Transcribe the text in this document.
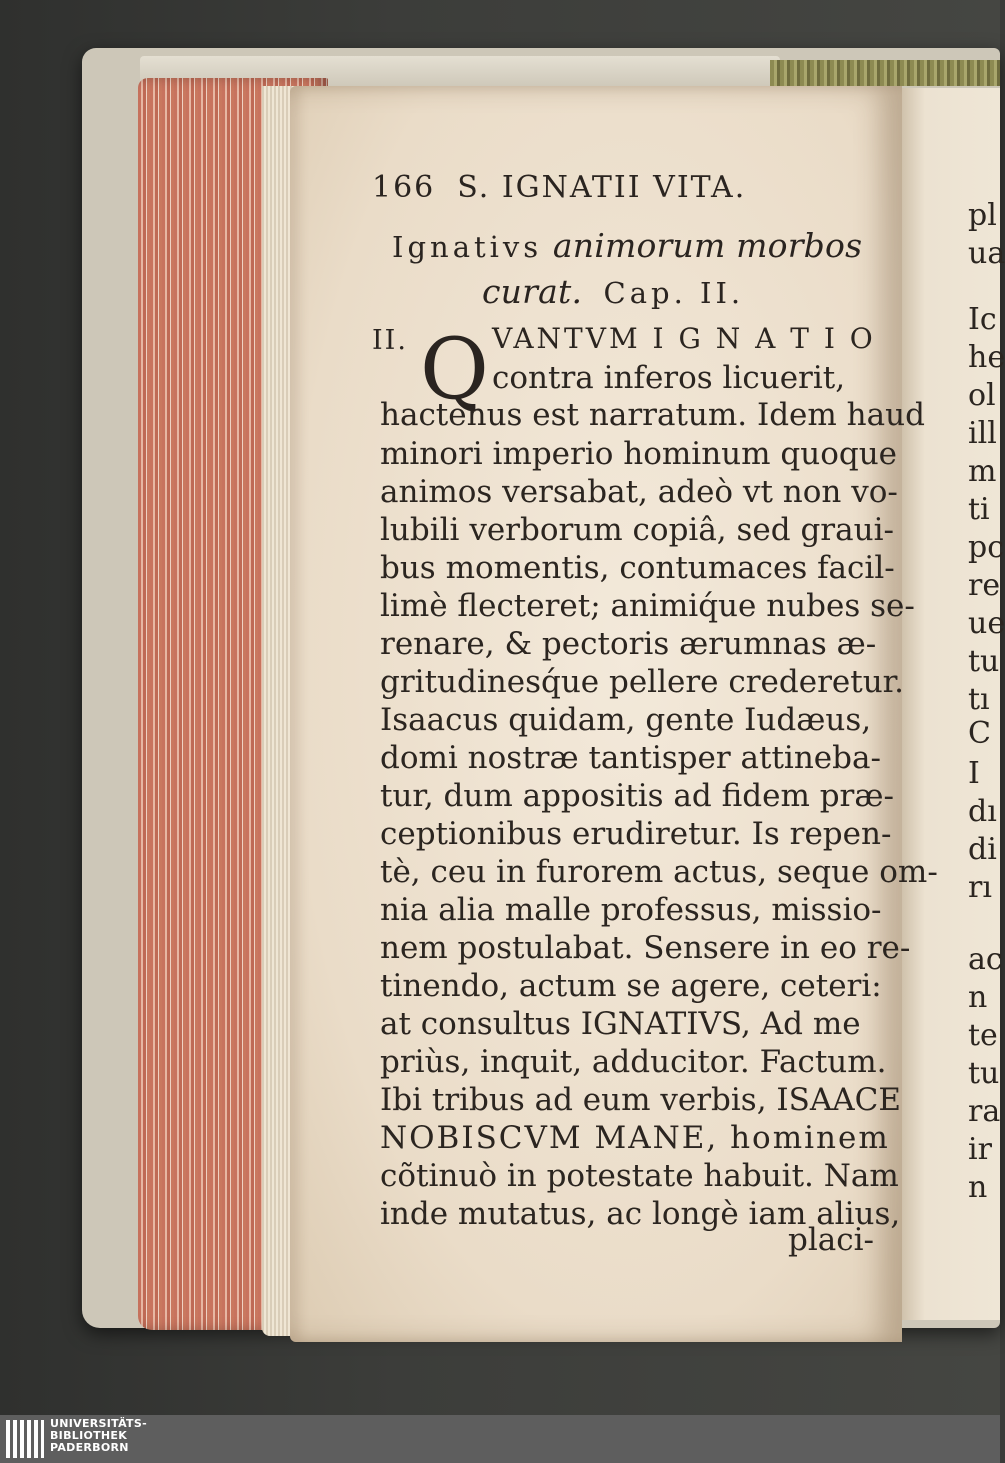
166 S. IGNATII VITA.
Ignativs animorum morbos
curat. Cap. II.
II. Q VANTVM I G N A T I O
contra inferos licuerit,
hactenus est narratum. Idem haud
minori imperio hominum quoque
animos versabat, adeò vt non vo-
lubili verborum copiâ, sed graui-
bus momentis, contumaces facil-
limè flecteret; animiq́ue nubes se-
renare, & pectoris ærumnas æ-
gritudinesq́ue pellere crederetur.
Isaacus quidam, gente Iudæus,
domi nostræ tantisper attineba-
tur, dum appositis ad fidem præ-
ceptionibus erudiretur. Is repen-
tè, ceu in furorem actus, seque om-
nia alia malle professus, missio-
nem postulabat. Sensere in eo re-
tinendo, actum se agere, ceteri:
at consultus IGNATIVS, Ad me
priùs, inquit, adducitor. Factum.
Ibi tribus ad eum verbis, ISAACE
NOBISCVM MANE, hominem
cõtinuò in potestate habuit. Nam
inde mutatus, ac longè iam alius,
placi-
pl
ua
Ic
he
ol
ill
m
ti
pc
re
ue
tu
tı
C
I
dı
di
rı
ac
n
te
tu
ra
ir
n
UNIVERSITÄTS-
BIBLIOTHEK
PADERBORN
